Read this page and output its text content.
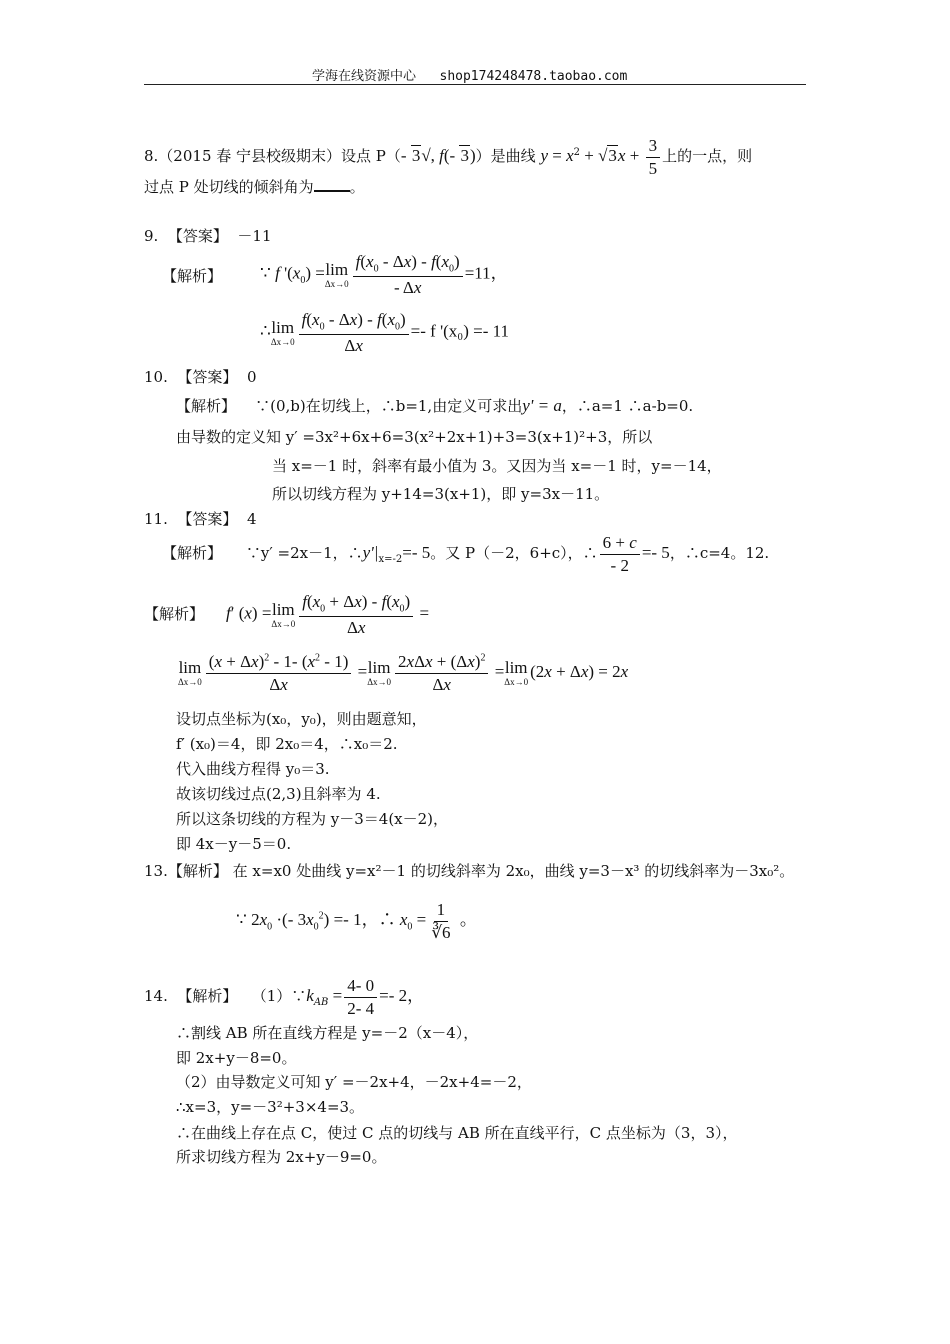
学海在线资源中心 shop174248478.taobao.com
8.（2015 春 宁县校级期末）设点 P（- 3√, f(- 3)）是曲线 $y = x^2 + √3x + \frac{3}{5}$ 上的一点，则
过点 P 处切线的倾斜角为 。
9. 【答案】 －11
【解析】 ∵ f '$(x_0) = \lim$
$\Delta x\to 0 \frac{f(x_0 - \Delta x) - f(x_0)}{- \Delta x} =11$，
∴ lim
$\Delta x\to 0 \frac{f(x_0 - \Delta x) - f(x_0)}{\Delta x} =- f$ '(x₀) =- 11
10. 【答案】 0
【解析】 ∵(0,b)在切线上，∴b=1,由定义可求出y' = a，∴a=1 ∴a-b=0.
由导数的定义知 y′ =3x²+6x+6=3(x²+2x+1)+3=3(x+1)²+3，所以
当 x=－1 时，斜率有最小值为 3。又因为当 x=－1 时，y=－14，
所以切线方程为 y+14=3(x+1)，即 y=3x－11。
11. 【答案】 4
【解析】 ∵y′ =2x－1，$\therefore y'|_{x=-2}=-$ 5。又 P（－2，6+c），∴ $\frac{6 + c}{- 2} =- 5$，∴c=4。12.
【解析】 f′ (x) = lim
$\Delta x\to 0 \frac{f(x_0 + \Delta x) - f(x_0)}{\Delta x}$ =
lim
$\Delta x\to 0 \frac{(x + \Delta x)^2 - 1- (x^2 - 1)}{\Delta x} = \lim$
$\Delta x\to 0 \frac{2x\Delta x + (\Delta x)^2}{\Delta x} = \lim$
Δx→0
(2x + Δx) = 2x
设切点坐标为(x₀，y₀)，则由题意知，
f′ (x₀)＝4，即 2x₀＝4，∴x₀＝2.
代入曲线方程得 y₀＝3.
故该切线过点(2,3)且斜率为 4.
所以这条切线的方程为 y－3＝4(x－2)，
即 4x－y－5＝0.
13.【解析】 在 x=x0 处曲线 y=x²－1 的切线斜率为 2x₀，曲线 y=3－x³ 的切线斜率为－3x₀²。
∵ $2x_0$ ·(- $3x_0^2) =- 1$，∴ $x_0 = \frac{1}{∛6}$ 。
14. 【解析】 $(1)\because k_{AB} = \frac{4- 0}{2- 4} =- 2$，
∴割线 AB 所在直线方程是 y=－2（x－4），
即 2x+y－8=0。
（2）由导数定义可知 y′ =－2x+4，－2x+4=－2，
∴x=3，y=－3²+3×4=3。
∴在曲线上存在点 C，使过 C 点的切线与 AB 所在直线平行，C 点坐标为（3，3），
所求切线方程为 2x+y－9=0。
